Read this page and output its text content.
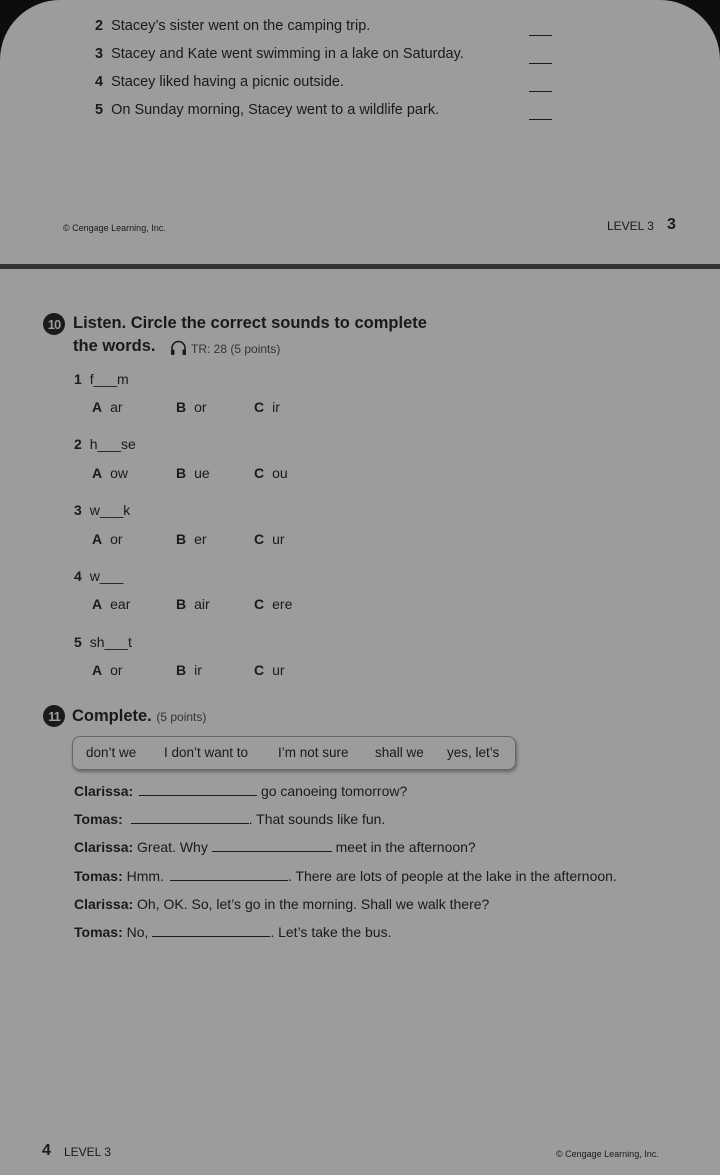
2 Stacey’s sister went on the camping trip.
3 Stacey and Kate went swimming in a lake on Saturday.
4 Stacey liked having a picnic outside.
5 On Sunday morning, Stacey went to a wildlife park.
© Cengage Learning, Inc.	LEVEL 3 3
10 Listen. Circle the correct sounds to complete
the words.	TR: 28 (5 points)
1 f___m
A ar	B or	C ir
2 h___se
A ow	B ue	C ou
3 w___k
A or	B er	C ur
4 w___
A ear	B air	C ere
5 sh___t
A or	B ir	C ur
11 Complete. (5 points)
don’t we I don’t want to I’m not sure shall we yes, let’s
Clarissa:	go canoeing tomorrow?
Tomas:	. That sounds like fun.
Clarissa: Great. Why	meet in the afternoon?
Tomas: Hmm.	. There are lots of people at the lake in the afternoon.
Clarissa: Oh, OK. So, let’s go in the morning. Shall we walk there?
Tomas: No,	. Let’s take the bus.
4 LEVEL 3	© Cengage Learning, Inc.
